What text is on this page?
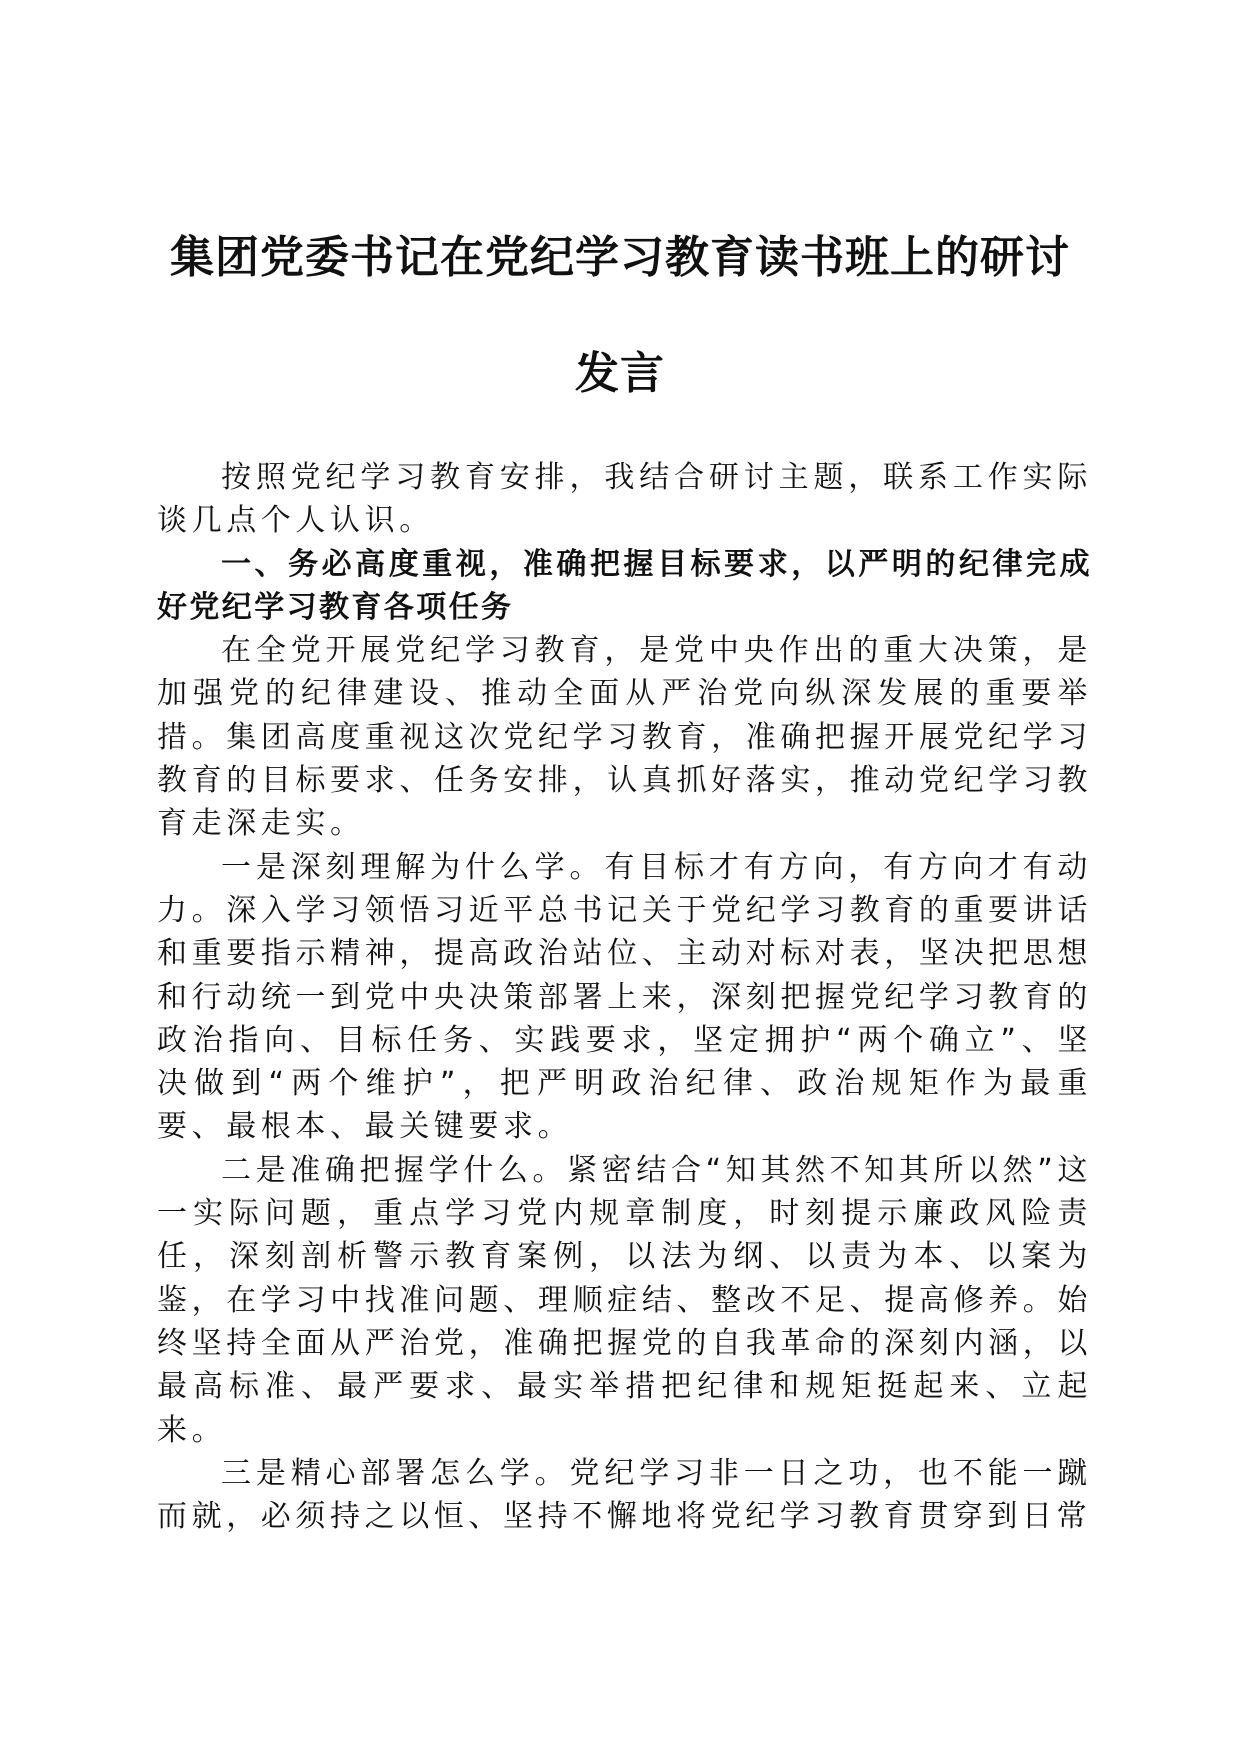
集团党委书记在党纪学习教育读书班上的研讨
发言

按照党纪学习教育安排，我结合研讨主题，联系工作实际谈几点个人认识。

一、务必高度重视，准确把握目标要求，以严明的纪律完成好党纪学习教育各项任务

在全党开展党纪学习教育，是党中央作出的重大决策，是加强党的纪律建设、推动全面从严治党向纵深发展的重要举措。集团高度重视这次党纪学习教育，准确把握开展党纪学习教育的目标要求、任务安排，认真抓好落实，推动党纪学习教育走深走实。

一是深刻理解为什么学。有目标才有方向，有方向才有动力。深入学习领悟习近平总书记关于党纪学习教育的重要讲话和重要指示精神，提高政治站位、主动对标对表，坚决把思想和行动统一到党中央决策部署上来，深刻把握党纪学习教育的政治指向、目标任务、实践要求，坚定拥护“两个确立”、坚决做到“两个维护”，把严明政治纪律、政治规矩作为最重要、最根本、最关键要求。

二是准确把握学什么。紧密结合“知其然不知其所以然”这一实际问题，重点学习党内规章制度，时刻提示廉政风险责任，深刻剖析警示教育案例，以法为纲、以责为本、以案为鉴，在学习中找准问题、理顺症结、整改不足、提高修养。始终坚持全面从严治党，准确把握党的自我革命的深刻内涵，以最高标准、最严要求、最实举措把纪律和规矩挺起来、立起来。

三是精心部署怎么学。党纪学习非一日之功，也不能一蹴而就，必须持之以恒、坚持不懈地将党纪学习教育贯穿到日常
